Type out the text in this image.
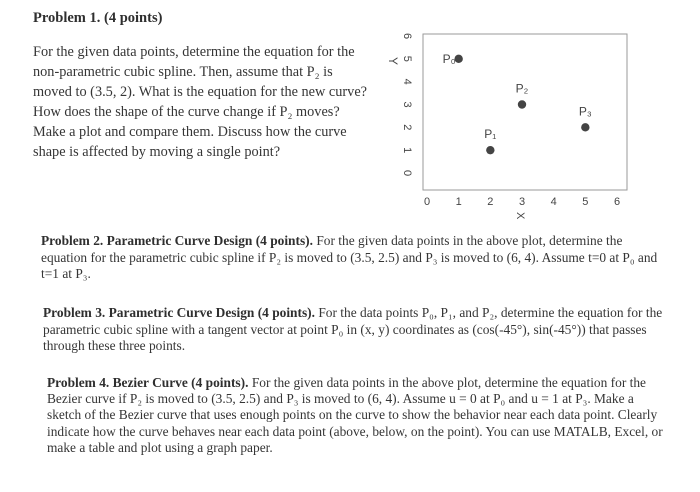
Problem 1. (4 points)

For the given data points, determine the equation for the non-parametric cubic spline. Then, assume that P₂ is moved to (3.5, 2). What is the equation for the new curve? How does the shape of the curve change if P₂ moves? Make a plot and compare them. Discuss how the curve shape is affected by moving a single point?

Y
0
1
2
3
4
5
6
0 1 2 3 4 5 6
P₀
P₁
P₂
P₃
X

Problem 2. Parametric Curve Design (4 points). For the given data points in the above plot, determine the equation for the parametric cubic spline if P₂ is moved to (3.5, 2.5) and P₃ is moved to (6, 4). Assume t=0 at P₀ and t=1 at P₃.

Problem 3. Parametric Curve Design (4 points). For the data points P₀, P₁, and P₂, determine the equation for the parametric cubic spline with a tangent vector at point P₀ in (x, y) coordinates as (cos(-45°), sin(-45°)) that passes through these three points.

Problem 4. Bezier Curve (4 points). For the given data points in the above plot, determine the equation for the Bezier curve if P₂ is moved to (3.5, 2.5) and P₃ is moved to (6, 4). Assume u = 0 at P₀ and u = 1 at P₃. Make a sketch of the Bezier curve that uses enough points on the curve to show the behavior near each data point. Clearly indicate how the curve behaves near each data point (above, below, on the point). You can use MATALB, Excel, or make a table and plot using a graph paper.
